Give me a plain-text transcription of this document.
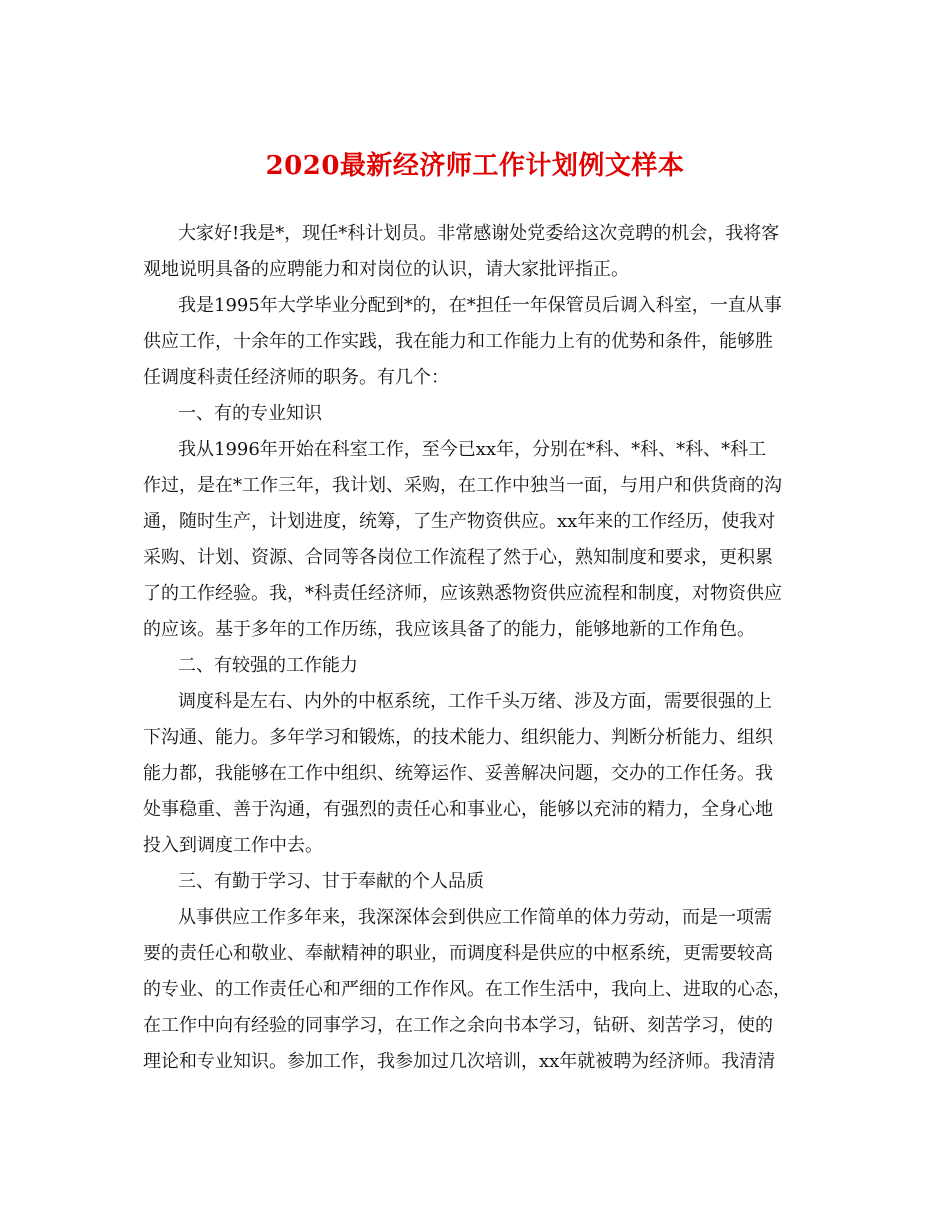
2020最新经济师工作计划例文样本
大家好!我是*，现任*科计划员。非常感谢处党委给这次竞聘的机会，我将客
观地说明具备的应聘能力和对岗位的认识，请大家批评指正。
我是1995年大学毕业分配到*的，在*担任一年保管员后调入科室，一直从事
供应工作，十余年的工作实践，我在能力和工作能力上有的优势和条件，能够胜
任调度科责任经济师的职务。有几个：
一、有的专业知识
我从1996年开始在科室工作，至今已xx年，分别在*科、*科、*科、*科工
作过，是在*工作三年，我计划、采购，在工作中独当一面，与用户和供货商的沟
通，随时生产，计划进度，统筹，了生产物资供应。xx年来的工作经历，使我对
采购、计划、资源、合同等各岗位工作流程了然于心，熟知制度和要求，更积累
了的工作经验。我，*科责任经济师，应该熟悉物资供应流程和制度，对物资供应
的应该。基于多年的工作历练，我应该具备了的能力，能够地新的工作角色。
二、有较强的工作能力
调度科是左右、内外的中枢系统，工作千头万绪、涉及方面，需要很强的上
下沟通、能力。多年学习和锻炼，的技术能力、组织能力、判断分析能力、组织
能力都，我能够在工作中组织、统筹运作、妥善解决问题，交办的工作任务。我
处事稳重、善于沟通，有强烈的责任心和事业心，能够以充沛的精力，全身心地
投入到调度工作中去。
三、有勤于学习、甘于奉献的个人品质
从事供应工作多年来，我深深体会到供应工作简单的体力劳动，而是一项需
要的责任心和敬业、奉献精神的职业，而调度科是供应的中枢系统，更需要较高
的专业、的工作责任心和严细的工作作风。在工作生活中，我向上、进取的心态，
在工作中向有经验的同事学习，在工作之余向书本学习，钻研、刻苦学习，使的
理论和专业知识。参加工作，我参加过几次培训，xx年就被聘为经济师。我清清
